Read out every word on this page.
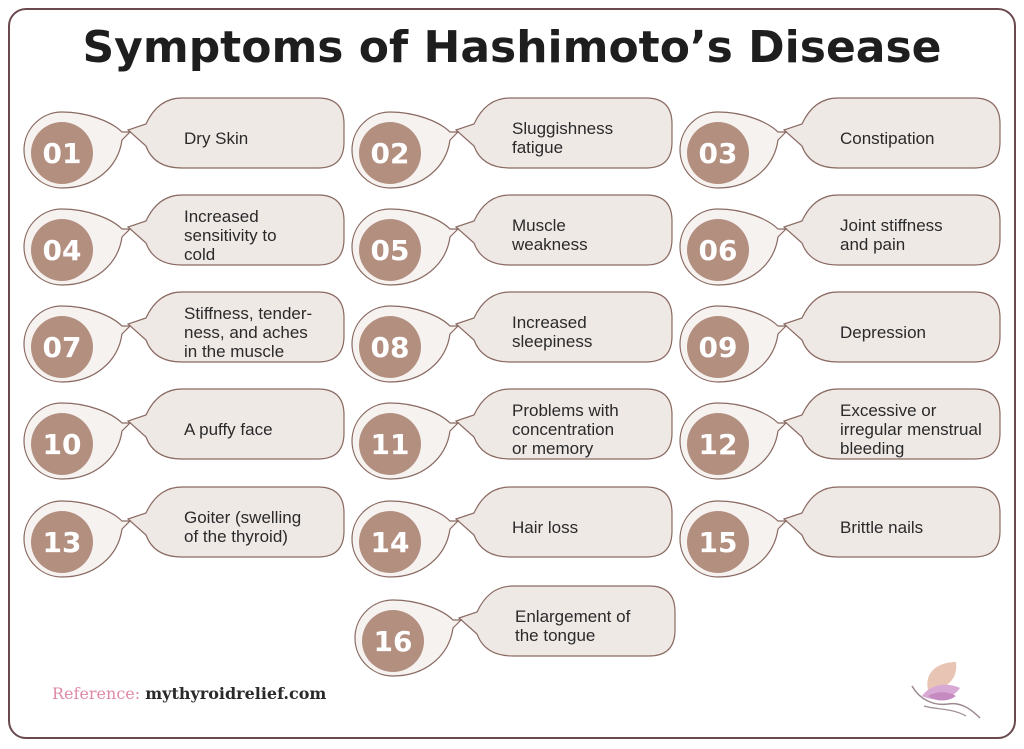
Symptoms of Hashimoto’s Disease
01	Dry Skin	02
Sluggishness
fatigue	03	Constipation
04
Increased
sensitivity to
cold	05
Muscle
weakness	06
Joint stiffness
and pain
07
Stiffness, tender-
ness, and aches
in the muscle	08
Increased
sleepiness	09	Depression
10	A puffy face	11
Problems with
concentration
or memory	12
Excessive or
irregular menstrual
bleeding
13
Goiter (swelling
of the thyroid)	14	Hair loss	15	Brittle nails
16
Enlargement of
the tongue
Reference: mythyroidrelief.com
